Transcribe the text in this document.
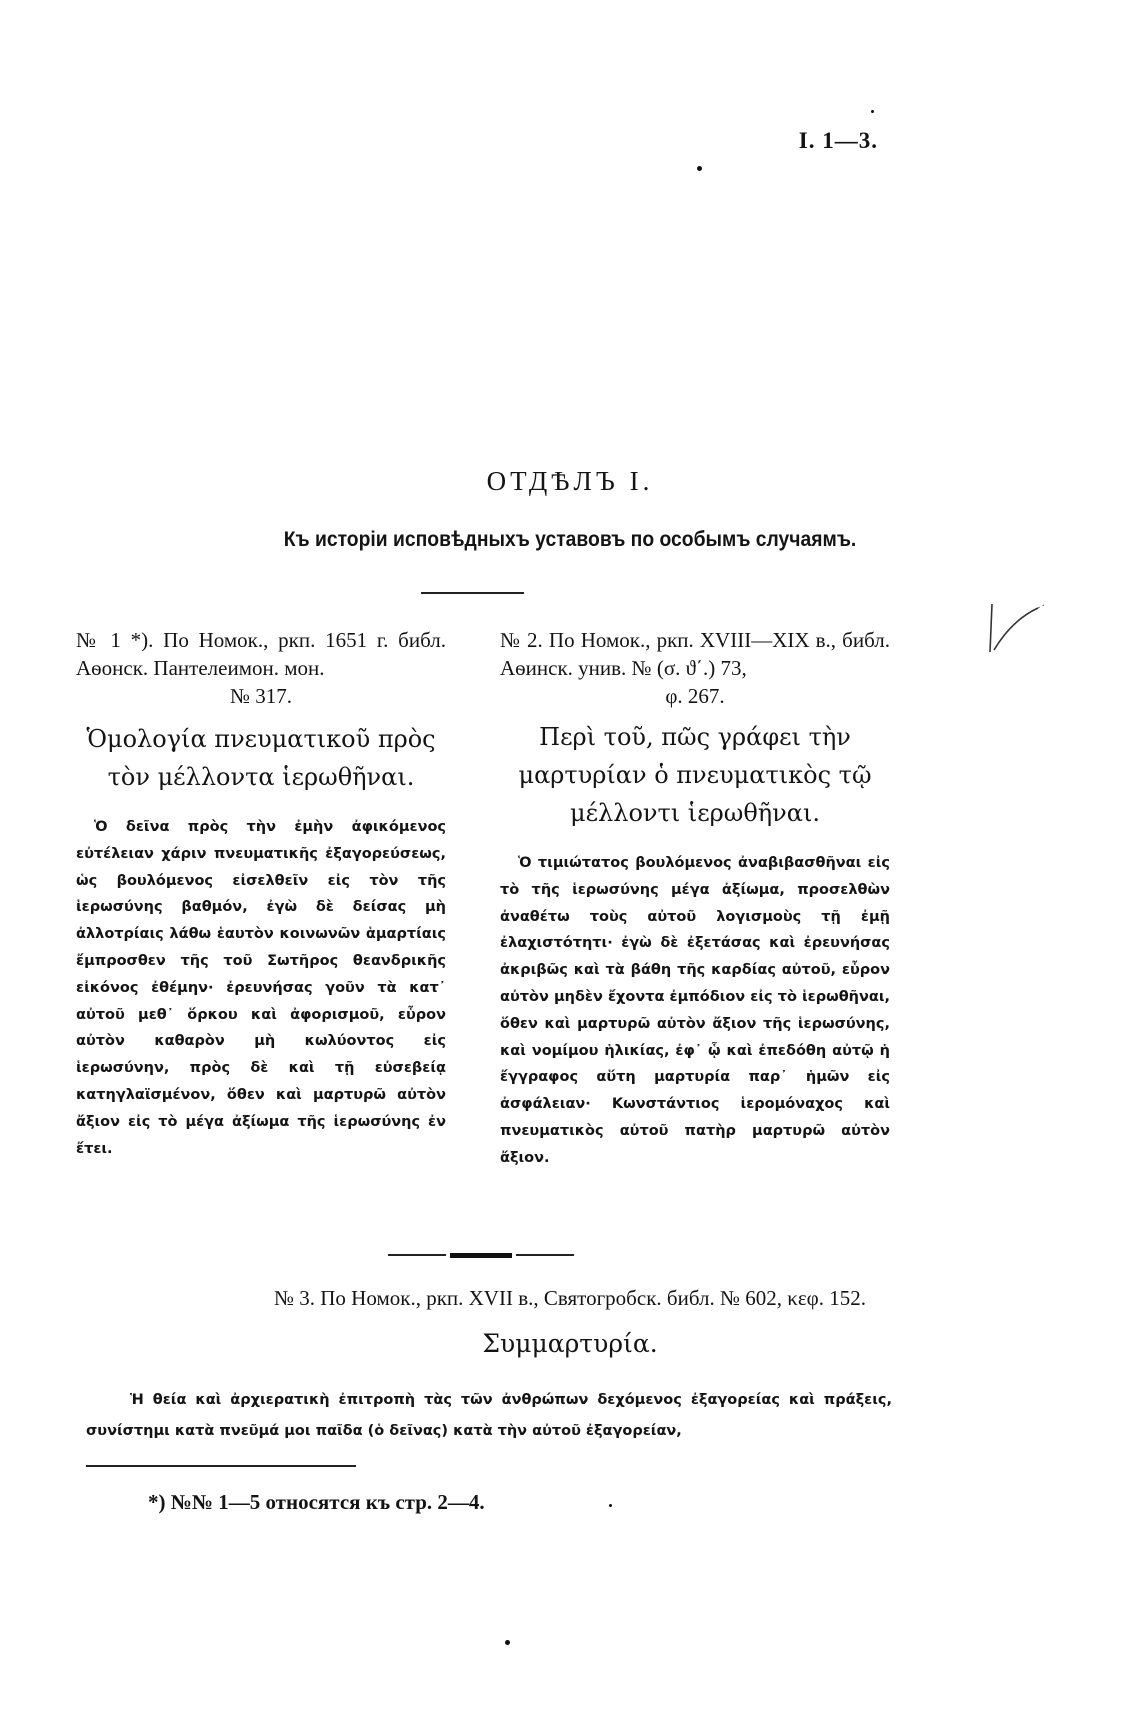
I. 1—3.
ОТДѢЛЪ I.
Къ исторіи исповѣдныхъ уставовъ по особымъ случаямъ.
№ 1 *). По Номок., ркп. 1651 г. библ. Аѳонск. Пантелеимон. мон.
№ 317.
Ὁμολογία πνευματικοῦ πρὸς τὸν μέλλοντα ἱερωθῆναι.
Ὁ δεῖνα πρὸς τὴν ἐμὴν ἀφικόμενος εὐτέλειαν χάριν πνευματικῆς ἐξαγορεύσεως, ὡς βουλόμενος εἰσελθεῖν εἰς τὸν τῆς ἱερωσύνης βαθμόν, ἐγὼ δὲ δείσας μὴ ἀλλοτρίαις λάθω ἑαυτὸν κοινωνῶν ἁμαρτίαις ἔμπροσθεν τῆς τοῦ Σωτῆρος θεανδρικῆς εἰκόνος ἐθέμην· ἐρευνήσας γοῦν τὰ κατ᾽ αὐτοῦ μεθ᾽ ὅρκου καὶ ἀφορισμοῦ, εὗρον αὐτὸν καθαρὸν μὴ κωλύοντος εἰς ἱερωσύνην, πρὸς δὲ καὶ τῇ εὐσεβείᾳ κατηγλαϊσμένον, ὅθεν καὶ μαρτυρῶ αὐτὸν ἄξιον εἰς τὸ μέγα ἀξίωμα τῆς ἱερωσύνης ἐν ἔτει.
№ 2. По Номок., ркп. XVIII—XIX в., библ. Аѳинск. унив. № (σ. ϑ΄.) 73,
φ. 267.
Περὶ τοῦ, πῶς γράφει τὴν μαρτυρίαν ὁ πνευματικὸς τῷ μέλλοντι ἱερωθῆναι.
Ὁ τιμιώτατος βουλόμενος ἀναβιβασθῆναι εἰς τὸ τῆς ἱερωσύνης μέγα ἀξίωμα, προσελθὼν ἀναθέτω τοὺς αὐτοῦ λογισμοὺς τῇ ἐμῇ ἐλαχιστότητι· ἐγὼ δὲ ἐξετάσας καὶ ἐρευνήσας ἀκριβῶς καὶ τὰ βάθη τῆς καρδίας αὐτοῦ, εὗρον αὐτὸν μηδὲν ἔχοντα ἐμπόδιον εἰς τὸ ἱερωθῆναι, ὅθεν καὶ μαρτυρῶ αὐτὸν ἄξιον τῆς ἱερωσύνης, καὶ νομίμου ἡλικίας, ἐφ᾽ ᾧ καὶ ἐπεδόθη αὐτῷ ἡ ἔγγραφος αὕτη μαρτυρία παρ᾽ ἡμῶν εἰς ἀσφάλειαν· Κωνστάντιος ἱερομόναχος καὶ πνευματικὸς αὐτοῦ πατὴρ μαρτυρῶ αὐτὸν ἄξιον.
№ 3. По Номок., ркп. XVII в., Святогробск. библ. № 602, κεφ. 152.
Συμμαρτυρία.
Ἡ θεία καὶ ἀρχιερατικὴ ἐπιτροπὴ τὰς τῶν ἀνθρώπων δεχόμενος ἐξαγορείας καὶ πράξεις, συνίστημι κατὰ πνεῦμά μοι παῖδα (ὁ δεῖνας) κατὰ τὴν αὐτοῦ ἐξαγορείαν,
*) №№ 1—5 относятся къ стр. 2—4.
